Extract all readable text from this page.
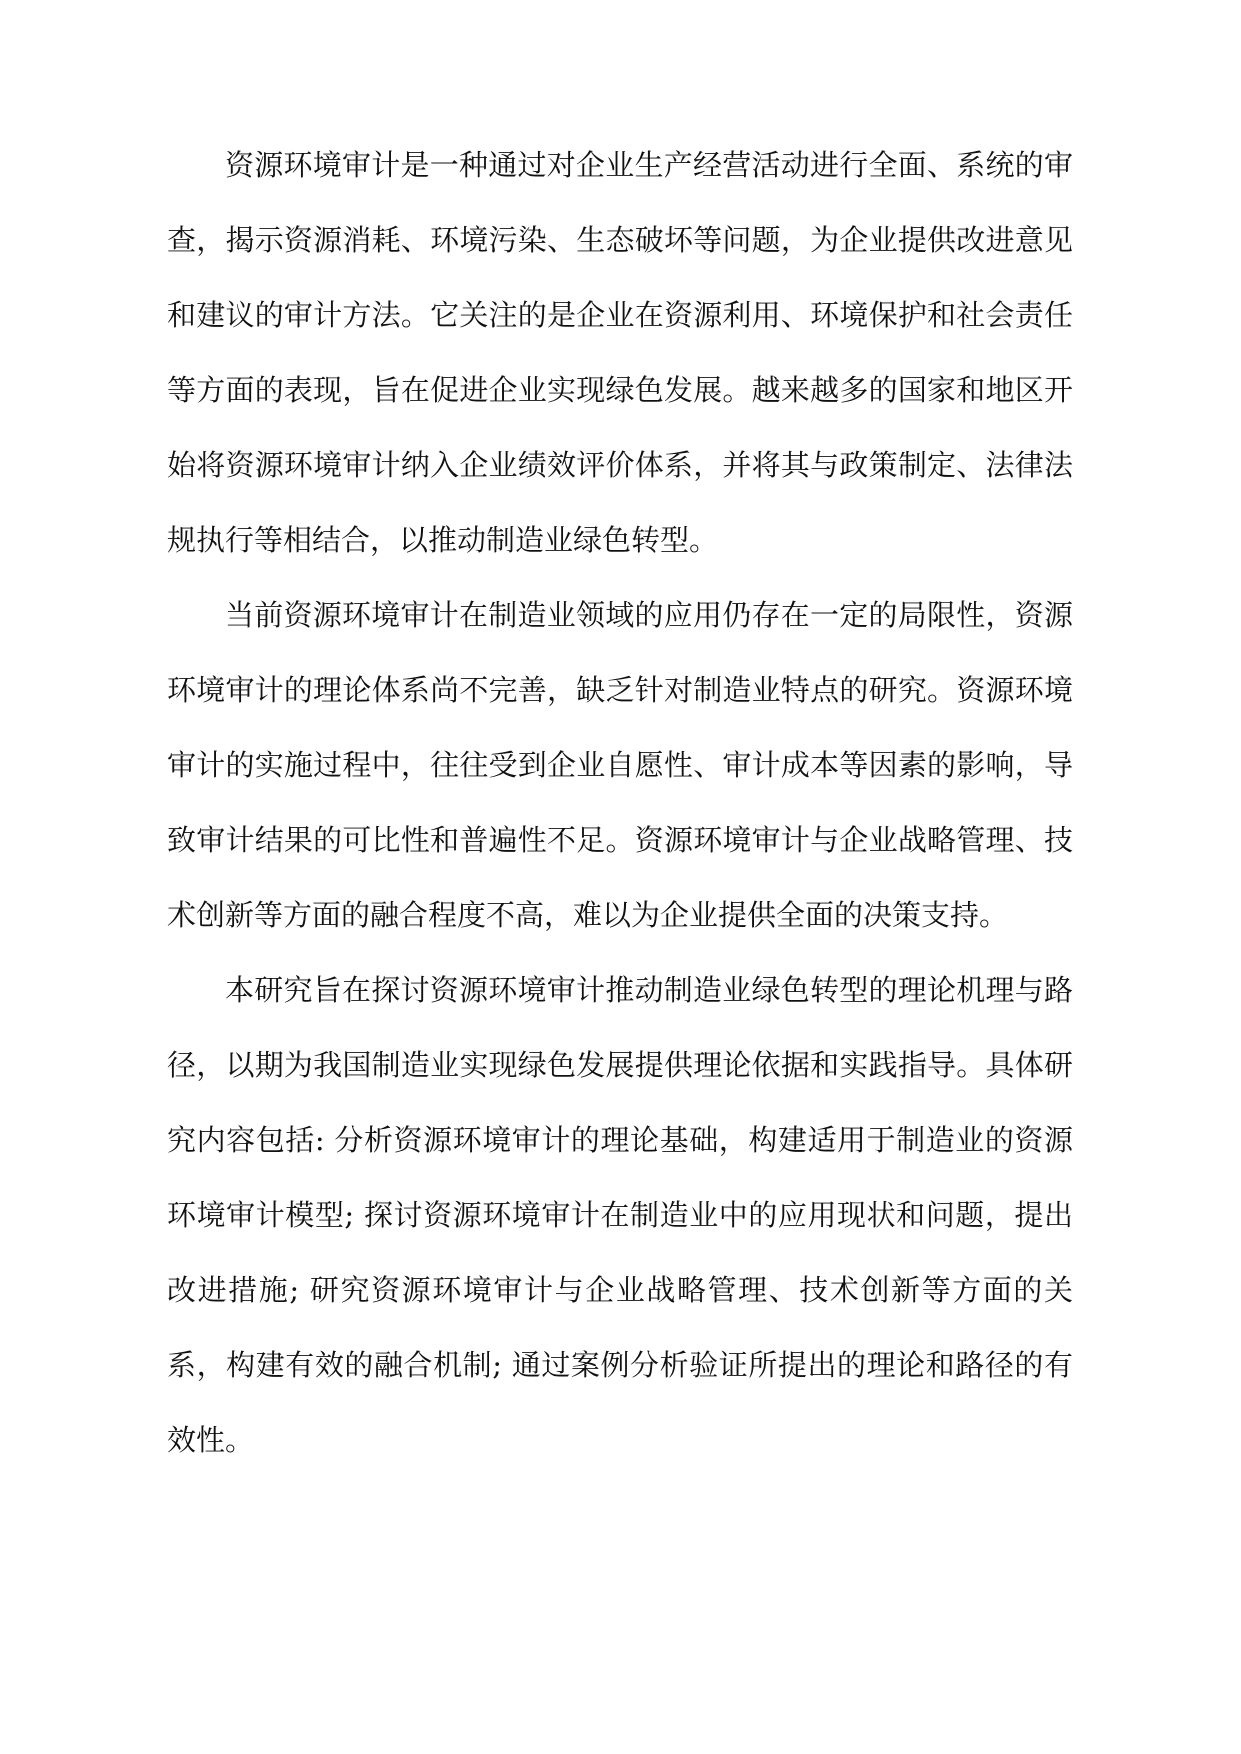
资源环境审计是一种通过对企业生产经营活动进行全面、系统的审查，揭示资源消耗、环境污染、生态破坏等问题，为企业提供改进意见和建议的审计方法。它关注的是企业在资源利用、环境保护和社会责任等方面的表现，旨在促进企业实现绿色发展。越来越多的国家和地区开始将资源环境审计纳入企业绩效评价体系，并将其与政策制定、法律法规执行等相结合，以推动制造业绿色转型。

当前资源环境审计在制造业领域的应用仍存在一定的局限性，资源环境审计的理论体系尚不完善，缺乏针对制造业特点的研究。资源环境审计的实施过程中，往往受到企业自愿性、审计成本等因素的影响，导致审计结果的可比性和普遍性不足。资源环境审计与企业战略管理、技术创新等方面的融合程度不高，难以为企业提供全面的决策支持。

本研究旨在探讨资源环境审计推动制造业绿色转型的理论机理与路径，以期为我国制造业实现绿色发展提供理论依据和实践指导。具体研究内容包括: 分析资源环境审计的理论基础，构建适用于制造业的资源环境审计模型; 探讨资源环境审计在制造业中的应用现状和问题，提出改进措施; 研究资源环境审计与企业战略管理、技术创新等方面的关系，构建有效的融合机制; 通过案例分析验证所提出的理论和路径的有效性。
